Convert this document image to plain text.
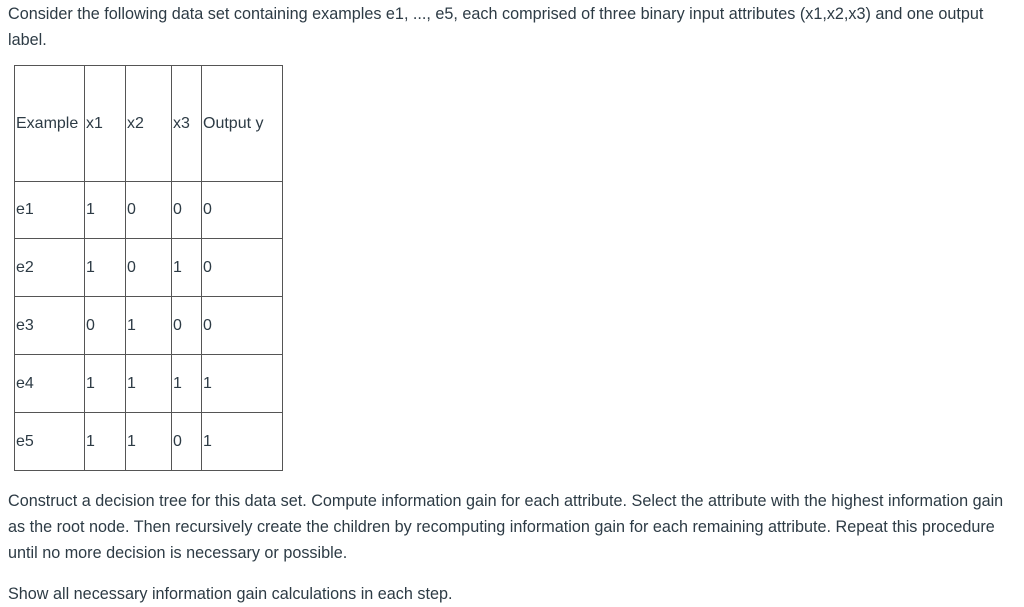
Consider the following data set containing examples e1, ..., e5, each comprised of three binary input attributes (x1,x2,x3) and one output label.

Example	x1	x2	x3	Output y
e1	1	0	0	0
e2	1	0	1	0
e3	0	1	0	0
e4	1	1	1	1
e5	1	1	0	1

Construct a decision tree for this data set. Compute information gain for each attribute. Select the attribute with the highest information gain as the root node. Then recursively create the children by recomputing information gain for each remaining attribute. Repeat this procedure until no more decision is necessary or possible.

Show all necessary information gain calculations in each step.
